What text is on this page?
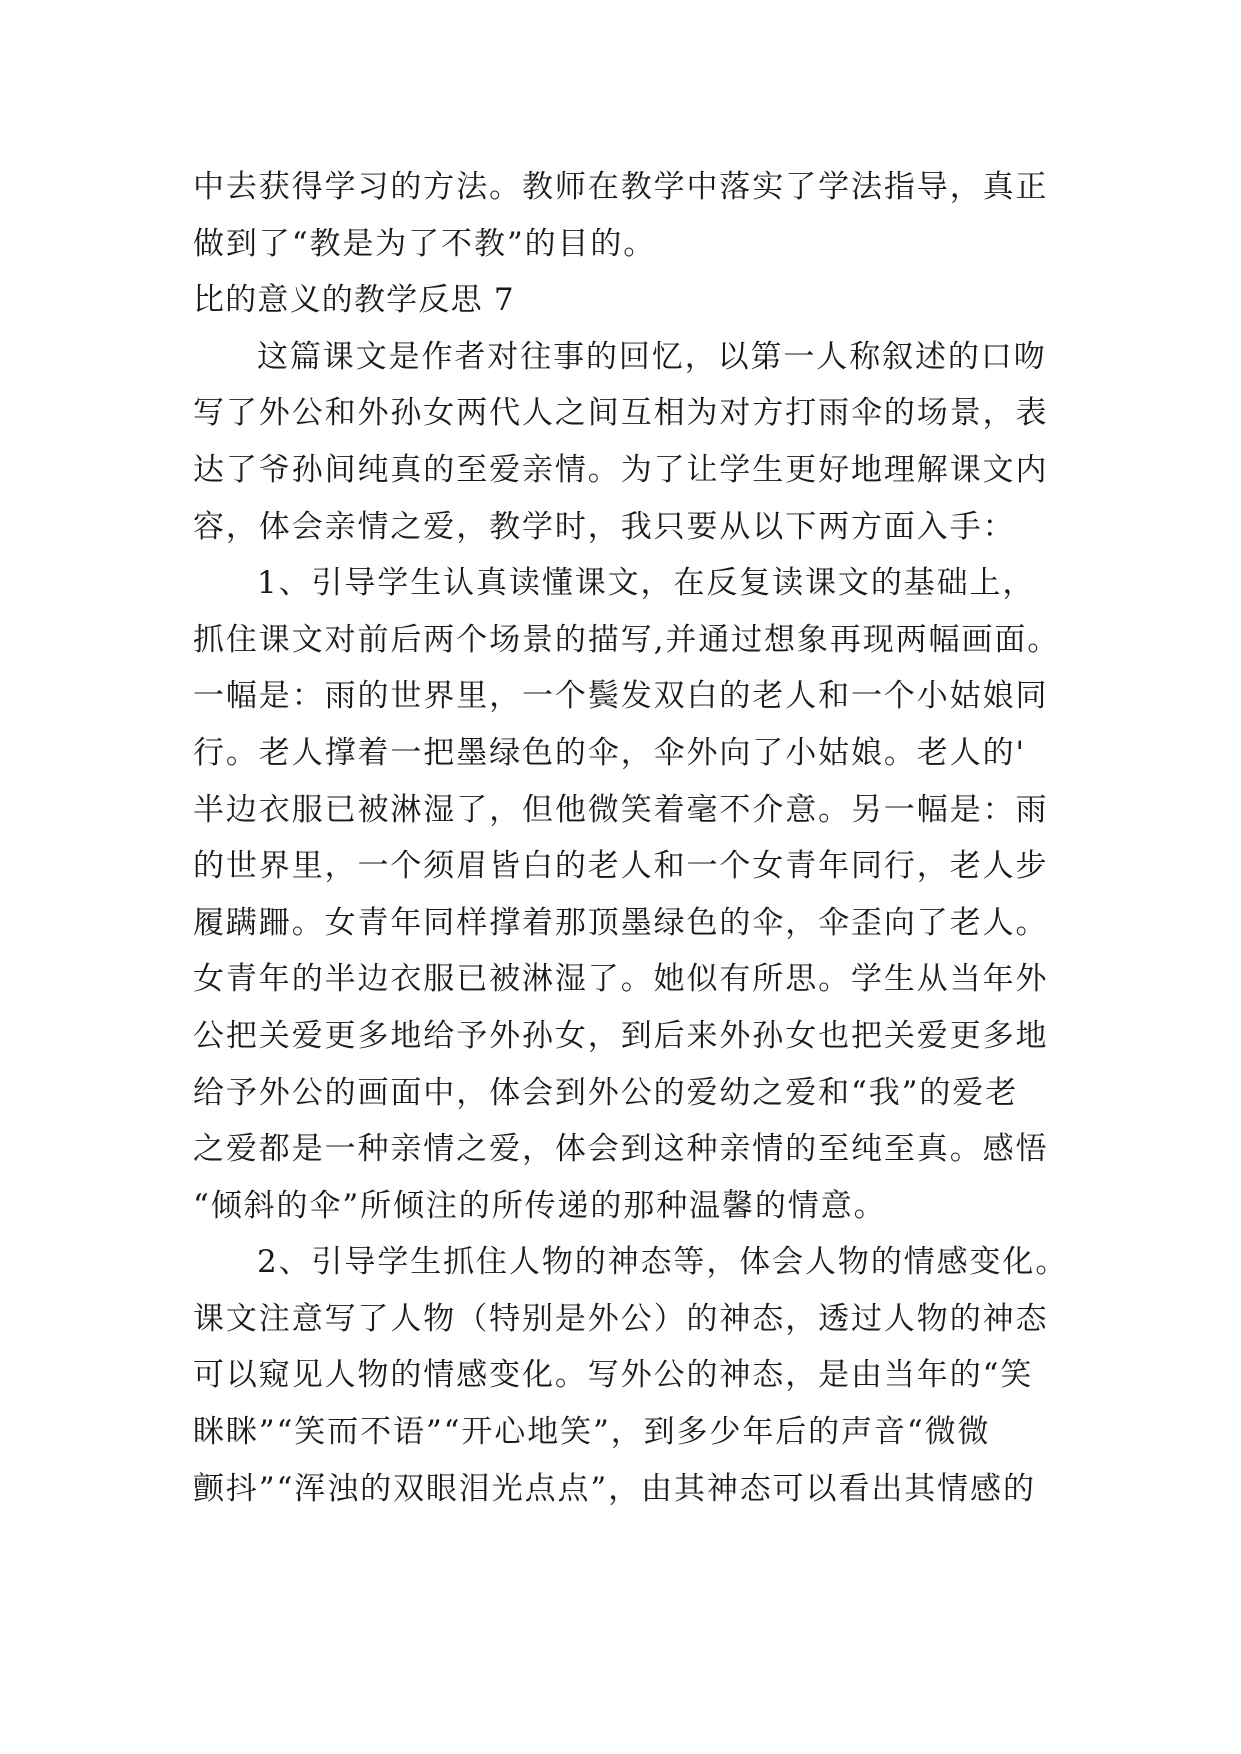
中去获得学习的方法。教师在教学中落实了学法指导，真正
做到了“教是为了不教”的目的。
比的意义的教学反思 7
这篇课文是作者对往事的回忆，以第一人称叙述的口吻
写了外公和外孙女两代人之间互相为对方打雨伞的场景，表
达了爷孙间纯真的至爱亲情。为了让学生更好地理解课文内
容，体会亲情之爱，教学时，我只要从以下两方面入手：
1、引导学生认真读懂课文，在反复读课文的基础上，
抓住课文对前后两个场景的描写,并通过想象再现两幅画面。
一幅是：雨的世界里，一个鬓发双白的老人和一个小姑娘同
行。老人撑着一把墨绿色的伞，伞外向了小姑娘。老人的'
半边衣服已被淋湿了，但他微笑着毫不介意。另一幅是：雨
的世界里，一个须眉皆白的老人和一个女青年同行，老人步
履蹒跚。女青年同样撑着那顶墨绿色的伞，伞歪向了老人。
女青年的半边衣服已被淋湿了。她似有所思。学生从当年外
公把关爱更多地给予外孙女，到后来外孙女也把关爱更多地
给予外公的画面中，体会到外公的爱幼之爱和“我”的爱老
之爱都是一种亲情之爱，体会到这种亲情的至纯至真。感悟
“倾斜的伞”所倾注的所传递的那种温馨的情意。
2、引导学生抓住人物的神态等，体会人物的情感变化。
课文注意写了人物（特别是外公）的神态，透过人物的神态
可以窥见人物的情感变化。写外公的神态，是由当年的“笑
眯眯”“笑而不语”“开心地笑”，到多少年后的声音“微微
颤抖”“浑浊的双眼泪光点点”，由其神态可以看出其情感的
